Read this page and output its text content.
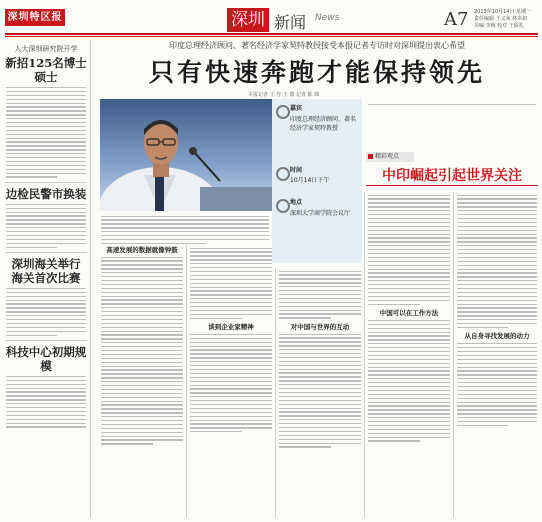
深圳特区报	深圳 新闻 News	A7 2013年10月14日 星期一
责任编辑 王义荣 林卓如
美编 李梅 校对 王昭礼
人大深圳研究院开学
新招125名博士硕士
边检民警市换装
深圳海关举行
海关首次比赛
科技中心初期规模
印度总理经济顾问、著名经济学家契特教授接受本报记者专访时对深圳提出衷心希望
只有快速奔跑才能保持领先
本报记者 王 谷 王 瑞 记者 陈 琛
嘉宾
印度总理经济顾问、著名经济学家契特教授
时间
10月14日下午
地点
深圳大学商学院会议厅
高速发展的数据就像钟鼓
谈到企业家精神	对中国与世界的互动
精彩观点
中印崛起引起世界关注
中国可以在工作方法
从自身寻找发展的动力
